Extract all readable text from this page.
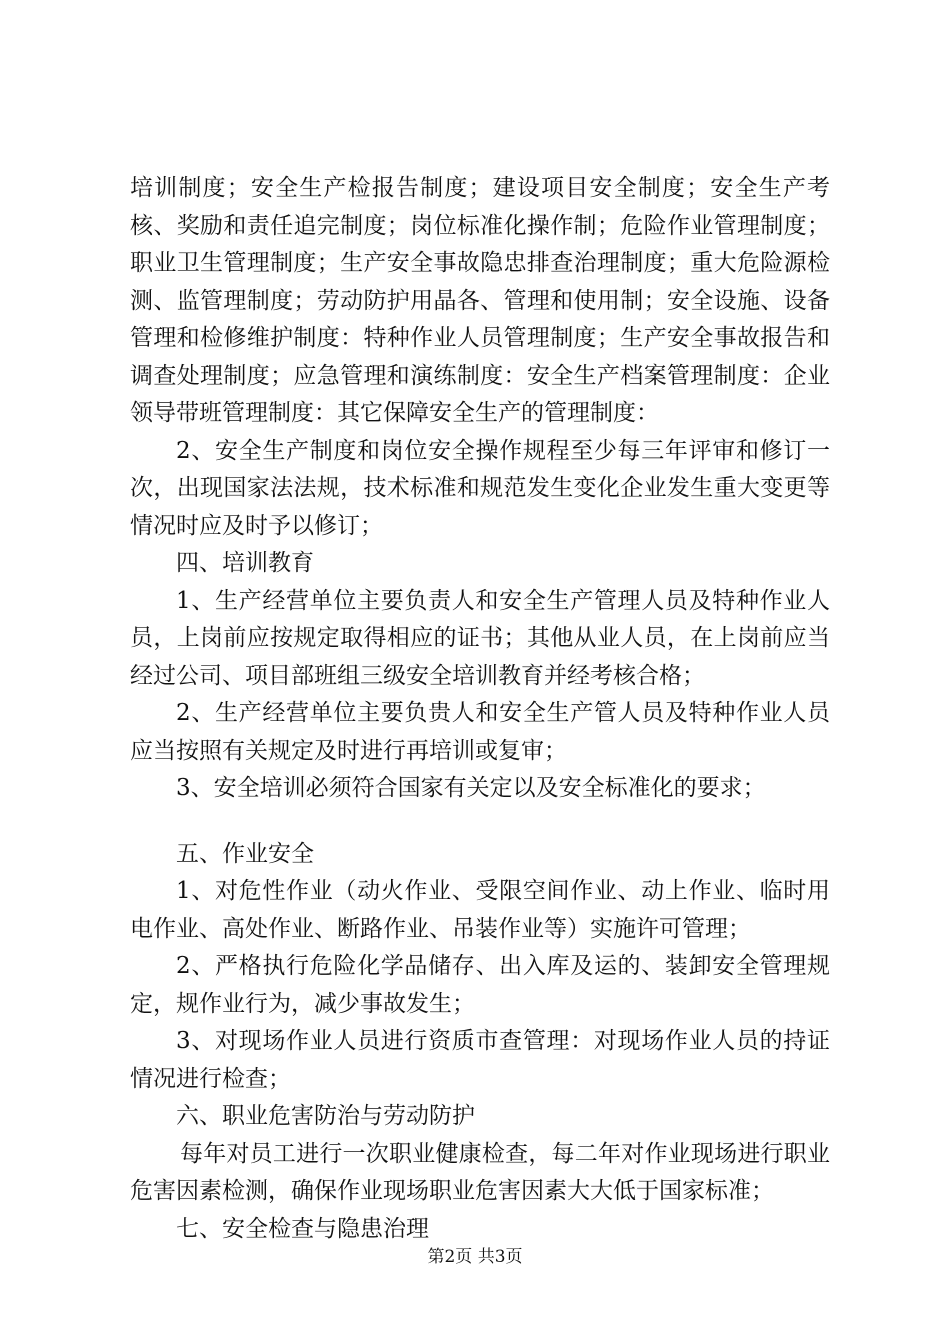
培训制度；安全生产检报告制度；建设项目安全制度；安全生产考核、奖励和责任追完制度；岗位标准化操作制；危险作业管理制度；职业卫生管理制度；生产安全事故隐忠排查治理制度；重大危险源检测、监管理制度；劳动防护用晶各、管理和使用制；安全设施、设备管理和检修维护制度：特种作业人员管理制度；生产安全事故报告和调查处理制度；应急管理和演练制度：安全生产档案管理制度：企业领导带班管理制度：其它保障安全生产的管理制度：

2、安全生产制度和岗位安全操作规程至少每三年评审和修订一次，出现国家法法规，技术标准和规范发生变化企业发生重大变更等情况时应及时予以修订；

四、培训教育

1、生产经营单位主要负责人和安全生产管理人员及特种作业人员，上岗前应按规定取得相应的证书；其他从业人员，在上岗前应当经过公司、项目部班组三级安全培训教育并经考核合格；

2、生产经营单位主要负贵人和安全生产管人员及特种作业人员应当按照有关规定及时进行再培训或复审；

3、安全培训必须符合国家有关定以及安全标准化的要求；

五、作业安全

1、对危性作业（动火作业、受限空间作业、动上作业、临时用电作业、高处作业、断路作业、吊装作业等）实施许可管理；

2、严格执行危险化学品储存、出入库及运的、装卸安全管理规定，规作业行为，减少事故发生；

3、对现场作业人员进行资质市查管理：对现场作业人员的持证情况进行检查；

六、职业危害防治与劳动防护

每年对员工进行一次职业健康检查，每二年对作业现场进行职业危害因素检测，确保作业现场职业危害因素大大低于国家标准；

七、安全检查与隐患治理

第2页 共3页
